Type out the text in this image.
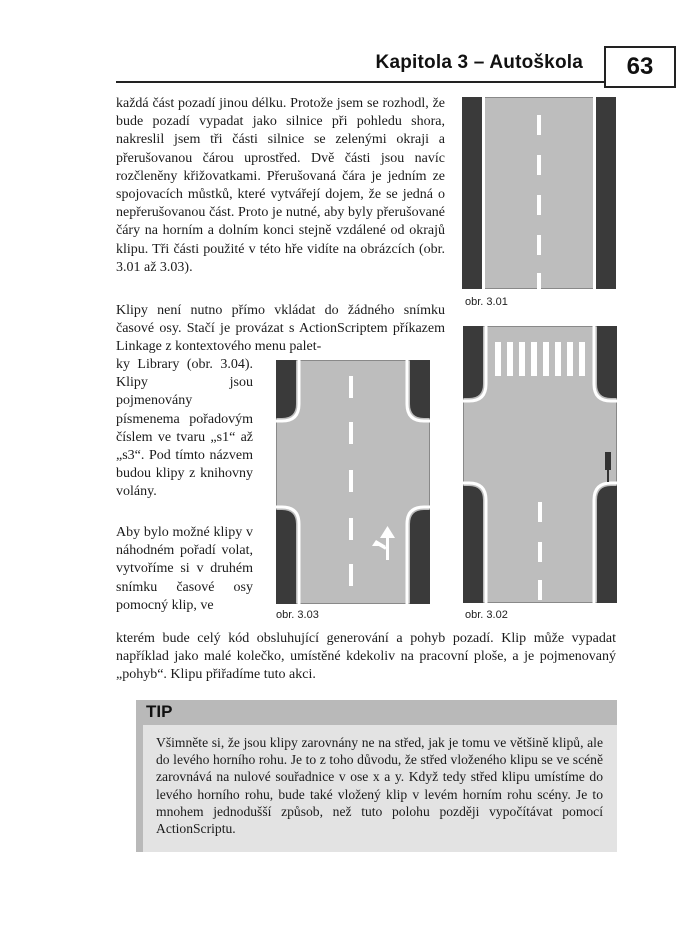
Kapitola 3 – Autoškola	63

každá část pozadí jinou délku. Protože jsem se rozhodl, že bude pozadí vypadat jako silnice při pohledu shora, nakreslil jsem tři části silnice se zelenými okraji a přerušovanou čárou uprostřed. Dvě části jsou navíc rozčleněny křižovatkami. Přerušovaná čára je jedním ze spojovacích můstků, které vytvářejí dojem, že se jedná o nepřerušovanou část. Proto je nutné, aby byly přerušované čáry na horním a dolním konci stejně vzdálené od okrajů klipu. Tři části použité v této hře vidíte na obrázcích (obr. 3.01 až 3.03).

Klipy není nutno přímo vkládat do žádného snímku časové osy. Stačí je provázat s ActionScriptem příkazem Linkage z kontextového menu palet-

ky Library (obr. 3.04). Klipy jsou pojmenovány písmenema pořadovým číslem ve tvaru „s1“ až „s3“. Pod tímto názvem budou klipy z knihovny volány.

Aby bylo možné klipy v náhodném pořadí volat, vytvoříme si v druhém snímku časové osy pomocný klip, ve

kterém bude celý kód obsluhující generování a pohyb pozadí. Klip může vypadat například jako malé kolečko, umístěné kdekoliv na pracovní ploše, a je pojmenovaný „pohyb“. Klipu přiřadíme tuto akci.

obr. 3.01
obr. 3.02
obr. 3.03
TIP

Všimněte si, že jsou klipy zarovnány ne na střed, jak je tomu ve většině klipů, ale do levého horního rohu. Je to z toho důvodu, že střed vloženého klipu se ve scéně zarovnává na nulové souřadnice v ose x a y. Když tedy střed klipu umístíme do levého horního rohu, bude také vložený klip v levém horním rohu scény. Je to mnohem jednodušší způsob, než tuto polohu později vypočítávat pomocí ActionScriptu.
